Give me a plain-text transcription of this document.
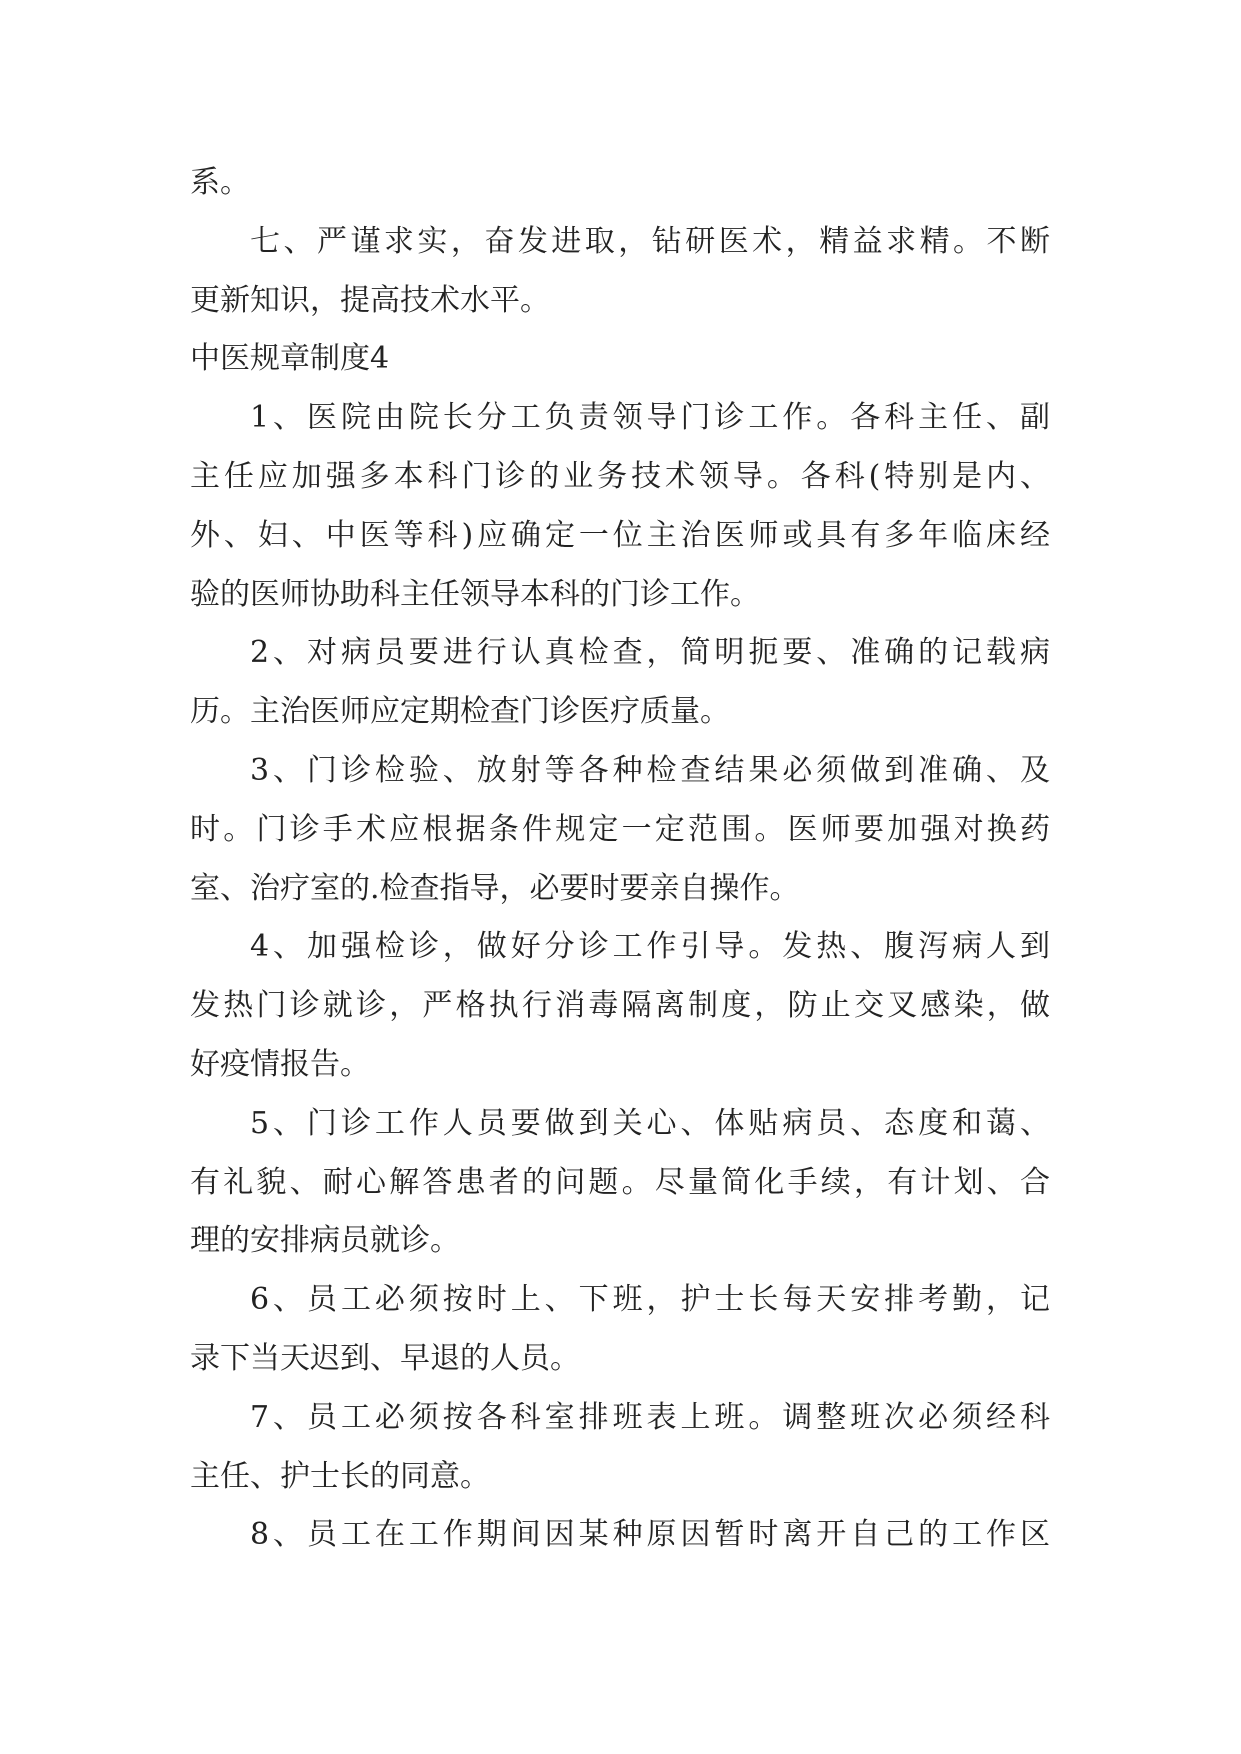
系。
七、严谨求实，奋发进取，钻研医术，精益求精。不断
更新知识，提高技术水平。
中医规章制度4
1、医院由院长分工负责领导门诊工作。各科主任、副
主任应加强多本科门诊的业务技术领导。各科(特别是内、
外、妇、中医等科)应确定一位主治医师或具有多年临床经
验的医师协助科主任领导本科的门诊工作。
2、对病员要进行认真检查，简明扼要、准确的记载病
历。主治医师应定期检查门诊医疗质量。
3、门诊检验、放射等各种检查结果必须做到准确、及
时。门诊手术应根据条件规定一定范围。医师要加强对换药
室、治疗室的.检查指导，必要时要亲自操作。
4、加强检诊，做好分诊工作引导。发热、腹泻病人到
发热门诊就诊，严格执行消毒隔离制度，防止交叉感染，做
好疫情报告。
5、门诊工作人员要做到关心、体贴病员、态度和蔼、
有礼貌、耐心解答患者的问题。尽量简化手续，有计划、合
理的安排病员就诊。
6、员工必须按时上、下班，护士长每天安排考勤，记
录下当天迟到、早退的人员。
7、员工必须按各科室排班表上班。调整班次必须经科
主任、护士长的同意。
8、员工在工作期间因某种原因暂时离开自己的工作区
